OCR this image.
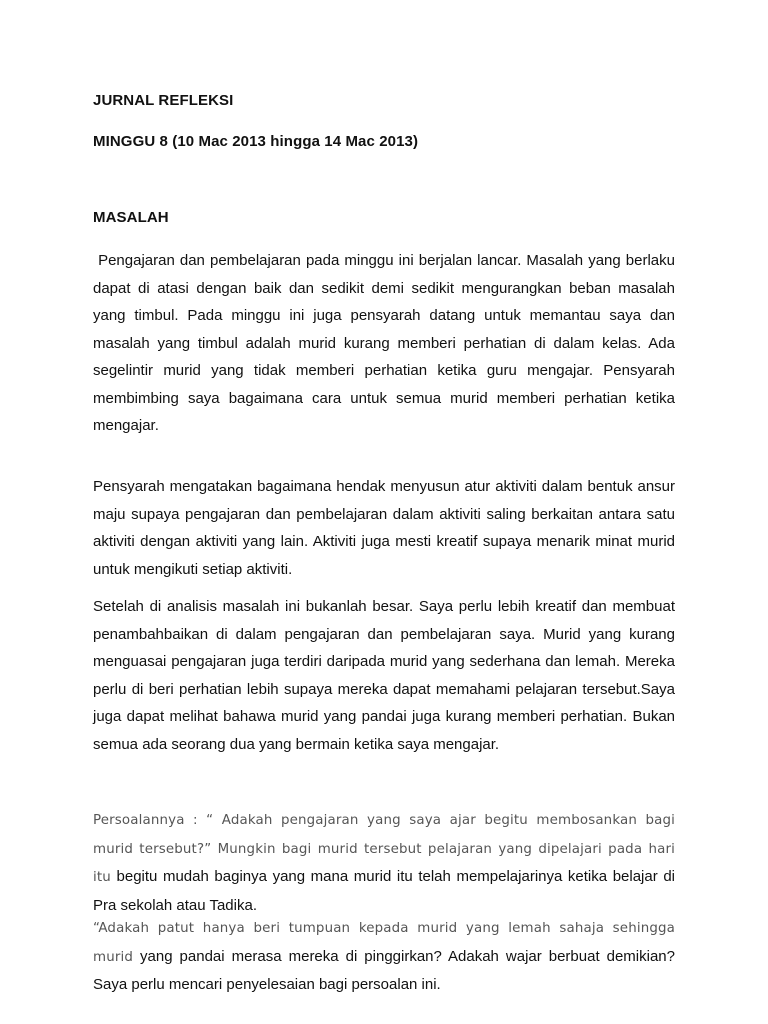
JURNAL REFLEKSI
MINGGU 8 (10 Mac 2013 hingga 14 Mac 2013)
MASALAH

Pengajaran dan pembelajaran pada minggu ini berjalan lancar. Masalah yang berlaku dapat di atasi dengan baik dan sedikit demi sedikit mengurangkan beban masalah yang timbul. Pada minggu ini juga pensyarah datang untuk memantau saya dan masalah yang timbul adalah murid kurang memberi perhatian di dalam kelas. Ada segelintir murid yang tidak memberi perhatian ketika guru mengajar. Pensyarah membimbing saya bagaimana cara untuk semua murid memberi perhatian ketika mengajar.

Pensyarah mengatakan bagaimana hendak menyusun atur aktiviti dalam bentuk ansur maju supaya pengajaran dan pembelajaran dalam aktiviti saling berkaitan antara satu aktiviti dengan aktiviti yang lain. Aktiviti juga mesti kreatif supaya menarik minat murid untuk mengikuti setiap aktiviti.

Setelah di analisis masalah ini bukanlah besar. Saya perlu lebih kreatif dan membuat penambahbaikan di dalam pengajaran dan pembelajaran saya. Murid yang kurang menguasai pengajaran juga terdiri daripada murid yang sederhana dan lemah. Mereka perlu di beri perhatian lebih supaya mereka dapat memahami pelajaran tersebut.Saya juga dapat melihat bahawa murid yang pandai juga kurang memberi perhatian. Bukan semua ada seorang dua yang bermain ketika saya mengajar.

Persoalannya : “ Adakah pengajaran yang saya ajar begitu membosankan bagi murid tersebut?” Mungkin bagi murid tersebut pelajaran yang dipelajari pada hari itu begitu mudah baginya yang mana murid itu telah mempelajarinya ketika belajar di Pra sekolah atau Tadika.

“Adakah patut hanya beri tumpuan kepada murid yang lemah sahaja sehingga murid yang pandai merasa mereka di pinggirkan? Adakah wajar berbuat demikian? Saya perlu mencari penyelesaian bagi persoalan ini.
